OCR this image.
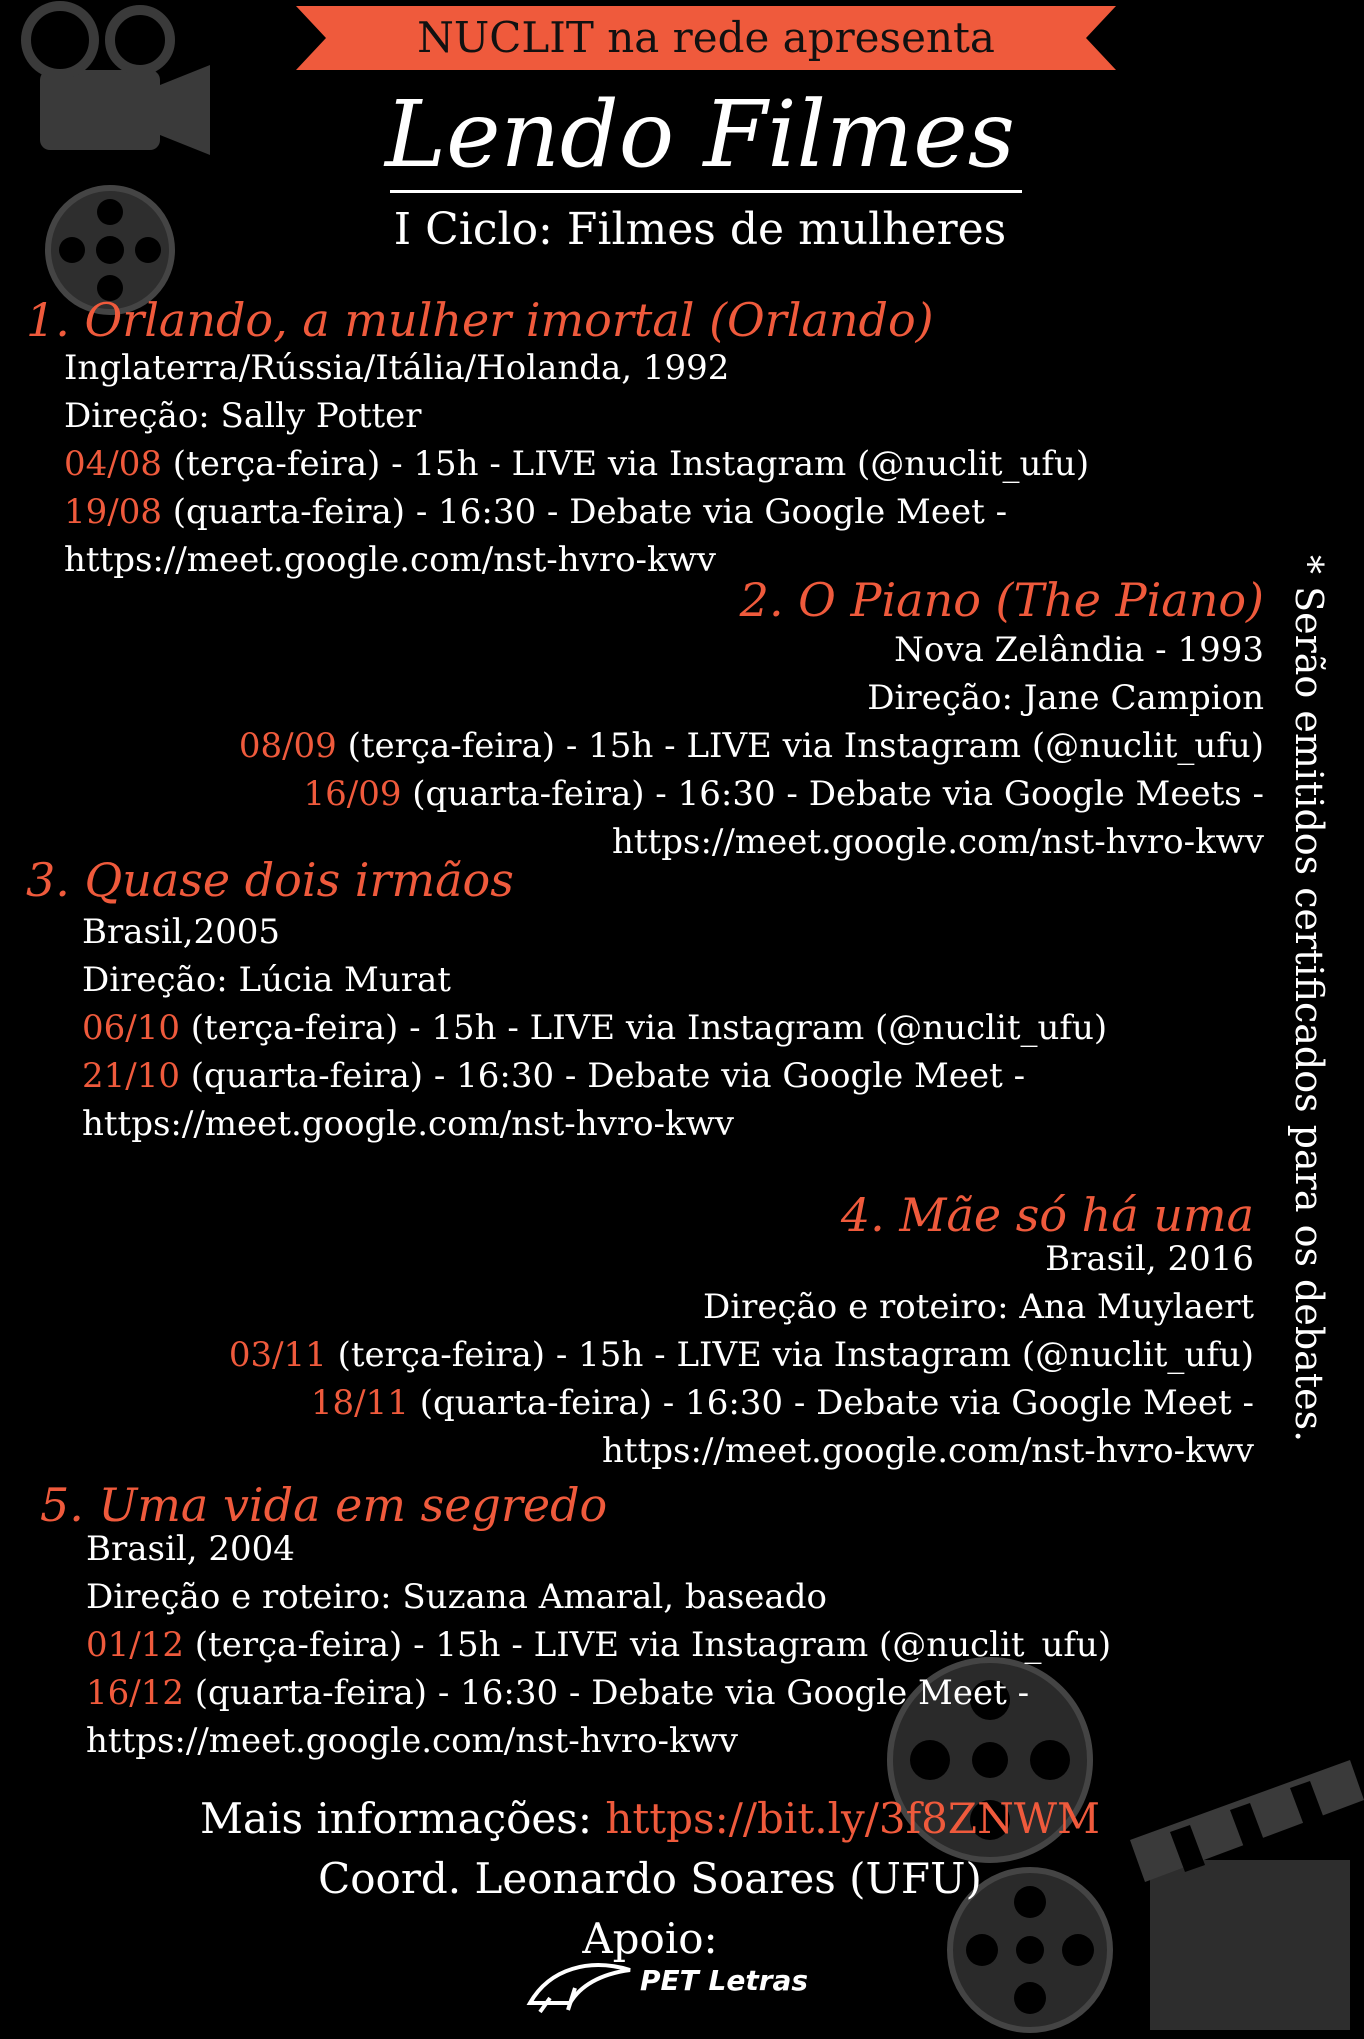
NUCLIT na rede apresenta
Lendo Filmes
I Ciclo: Filmes de mulheres
1. Orlando, a mulher imortal (Orlando)
Inglaterra/Rússia/Itália/Holanda, 1992
Direção: Sally Potter
04/08 (terça-feira) - 15h - LIVE via Instagram (@nuclit_ufu)
19/08 (quarta-feira) - 16:30 - Debate via Google Meet -
https://meet.google.com/nst-hvro-kwv
2. O Piano (The Piano)
Nova Zelândia - 1993
Direção: Jane Campion
08/09 (terça-feira) - 15h - LIVE via Instagram (@nuclit_ufu)
16/09 (quarta-feira) - 16:30 - Debate via Google Meets -
https://meet.google.com/nst-hvro-kwv
3. Quase dois irmãos
Brasil,2005
Direção: Lúcia Murat
06/10 (terça-feira) - 15h - LIVE via Instagram (@nuclit_ufu)
21/10 (quarta-feira) - 16:30 - Debate via Google Meet -
https://meet.google.com/nst-hvro-kwv
4. Mãe só há uma
Brasil, 2016
Direção e roteiro: Ana Muylaert
03/11 (terça-feira) - 15h - LIVE via Instagram (@nuclit_ufu)
18/11 (quarta-feira) - 16:30 - Debate via Google Meet -
https://meet.google.com/nst-hvro-kwv
5. Uma vida em segredo
Brasil, 2004
Direção e roteiro: Suzana Amaral, baseado
01/12 (terça-feira) - 15h - LIVE via Instagram (@nuclit_ufu)
16/12 (quarta-feira) - 16:30 - Debate via Google Meet -
https://meet.google.com/nst-hvro-kwv
* Serão emitidos certificados para os debates.
Mais informações: https://bit.ly/3f8ZNWM
Coord. Leonardo Soares (UFU)
Apoio:
PET Letras
